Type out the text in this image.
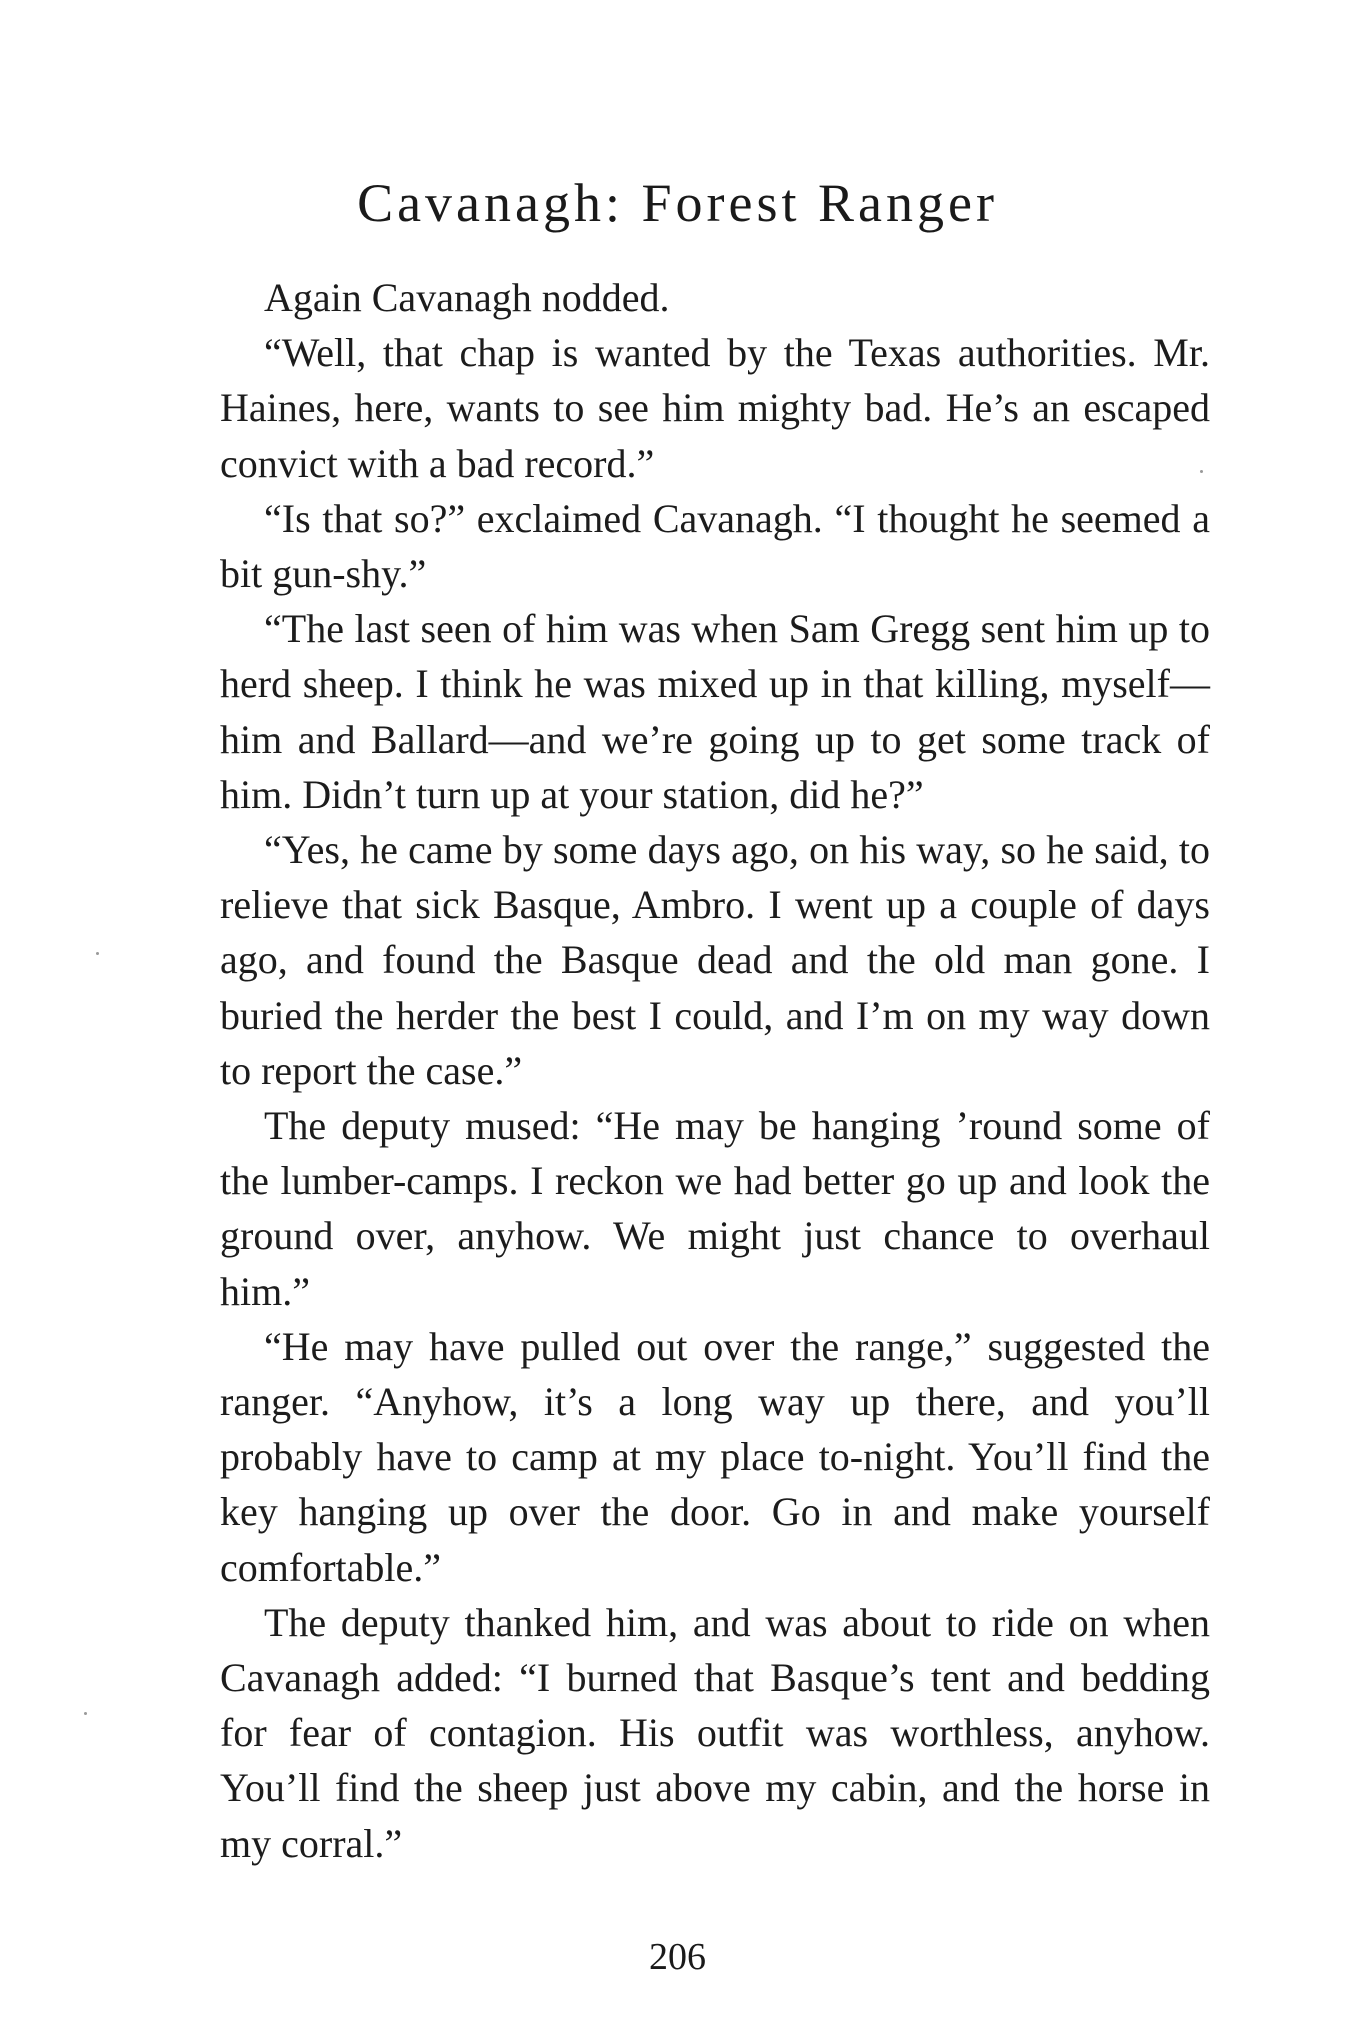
Cavanagh: Forest Ranger

Again Cavanagh nodded.

“Well, that chap is wanted by the Texas authorities. Mr. Haines, here, wants to see him mighty bad. He’s an escaped convict with a bad record.”

“Is that so?” exclaimed Cavanagh. “I thought he seemed a bit gun-shy.”

“The last seen of him was when Sam Gregg sent him up to herd sheep. I think he was mixed up in that killing, myself—him and Ballard—and we’re going up to get some track of him. Didn’t turn up at your station, did he?”

“Yes, he came by some days ago, on his way, so he said, to relieve that sick Basque, Ambro. I went up a couple of days ago, and found the Basque dead and the old man gone. I buried the herder the best I could, and I’m on my way down to report the case.”

The deputy mused: “He may be hanging ’round some of the lumber-camps. I reckon we had better go up and look the ground over, anyhow. We might just chance to overhaul him.”

“He may have pulled out over the range,” suggested the ranger. “Anyhow, it’s a long way up there, and you’ll probably have to camp at my place to-night. You’ll find the key hanging up over the door. Go in and make yourself comfortable.”

The deputy thanked him, and was about to ride on when Cavanagh added: “I burned that Basque’s tent and bedding for fear of contagion. His outfit was worthless, anyhow. You’ll find the sheep just above my cabin, and the horse in my corral.”

206
